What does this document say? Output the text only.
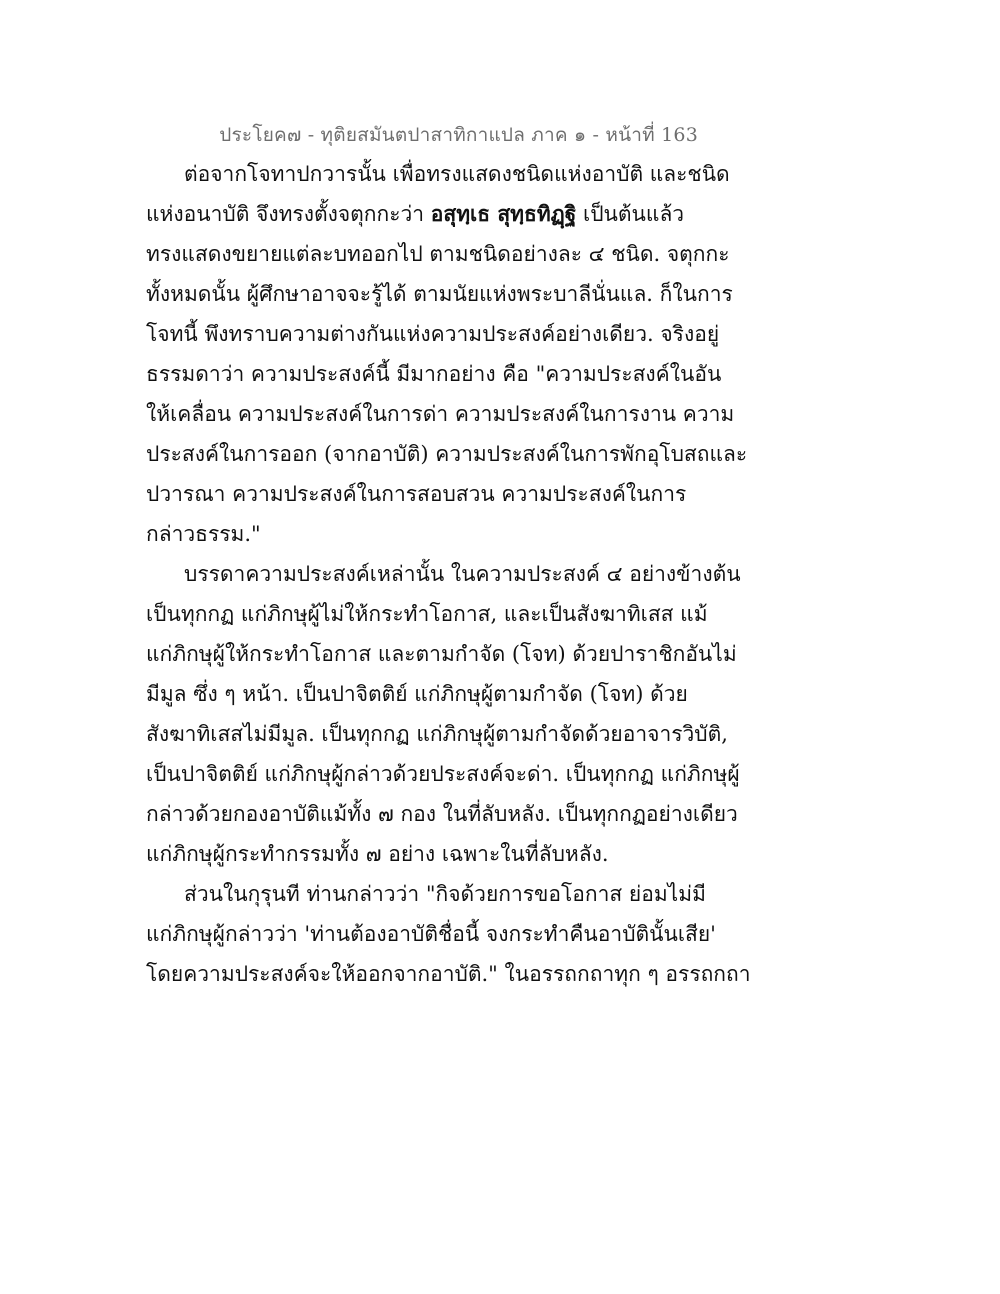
ประโยค๗ - ทุติยสมันตปาสาทิกาแปล ภาค ๑ - หน้าที่ 163
ต่อจากโจทาปกวารนั้น เพื่อทรงแสดงชนิดแห่งอาบัติ และชนิด
แห่งอนาบัติ จึงทรงตั้งจตุกกะว่า อสุทฺเธ สุทฺธทิฏฺฐิ เป็นต้นแล้ว
ทรงแสดงขยายแต่ละบทออกไป ตามชนิดอย่างละ ๔ ชนิด. จตุกกะ
ทั้งหมดนั้น ผู้ศึกษาอาจจะรู้ได้ ตามนัยแห่งพระบาลีนั่นแล. ก็ในการ
โจทนี้ พึงทราบความต่างกันแห่งความประสงค์อย่างเดียว. จริงอยู่
ธรรมดาว่า ความประสงค์นี้ มีมากอย่าง คือ "ความประสงค์ในอัน
ให้เคลื่อน ความประสงค์ในการด่า ความประสงค์ในการงาน ความ
ประสงค์ในการออก (จากอาบัติ) ความประสงค์ในการพักอุโบสถและ
ปวารณา ความประสงค์ในการสอบสวน ความประสงค์ในการ
กล่าวธรรม."
บรรดาความประสงค์เหล่านั้น ในความประสงค์ ๔ อย่างข้างต้น
เป็นทุกกฏ แก่ภิกษุผู้ไม่ให้กระทำโอกาส, และเป็นสังฆาทิเสส แม้
แก่ภิกษุผู้ให้กระทำโอกาส และตามกำจัด (โจท) ด้วยปาราชิกอันไม่
มีมูล ซึ่ง ๆ หน้า. เป็นปาจิตติย์ แก่ภิกษุผู้ตามกำจัด (โจท) ด้วย
สังฆาทิเสสไม่มีมูล. เป็นทุกกฏ แก่ภิกษุผู้ตามกำจัดด้วยอาจารวิบัติ,
เป็นปาจิตติย์ แก่ภิกษุผู้กล่าวด้วยประสงค์จะด่า. เป็นทุกกฏ แก่ภิกษุผู้
กล่าวด้วยกองอาบัติแม้ทั้ง ๗ กอง ในที่ลับหลัง. เป็นทุกกฏอย่างเดียว
แก่ภิกษุผู้กระทำกรรมทั้ง ๗ อย่าง เฉพาะในที่ลับหลัง.
ส่วนในกุรุนที ท่านกล่าวว่า "กิจด้วยการขอโอกาส ย่อมไม่มี
แก่ภิกษุผู้กล่าวว่า 'ท่านต้องอาบัติชื่อนี้ จงกระทำคืนอาบัตินั้นเสีย'
โดยความประสงค์จะให้ออกจากอาบัติ." ในอรรถกถาทุก ๆ อรรถกถา
